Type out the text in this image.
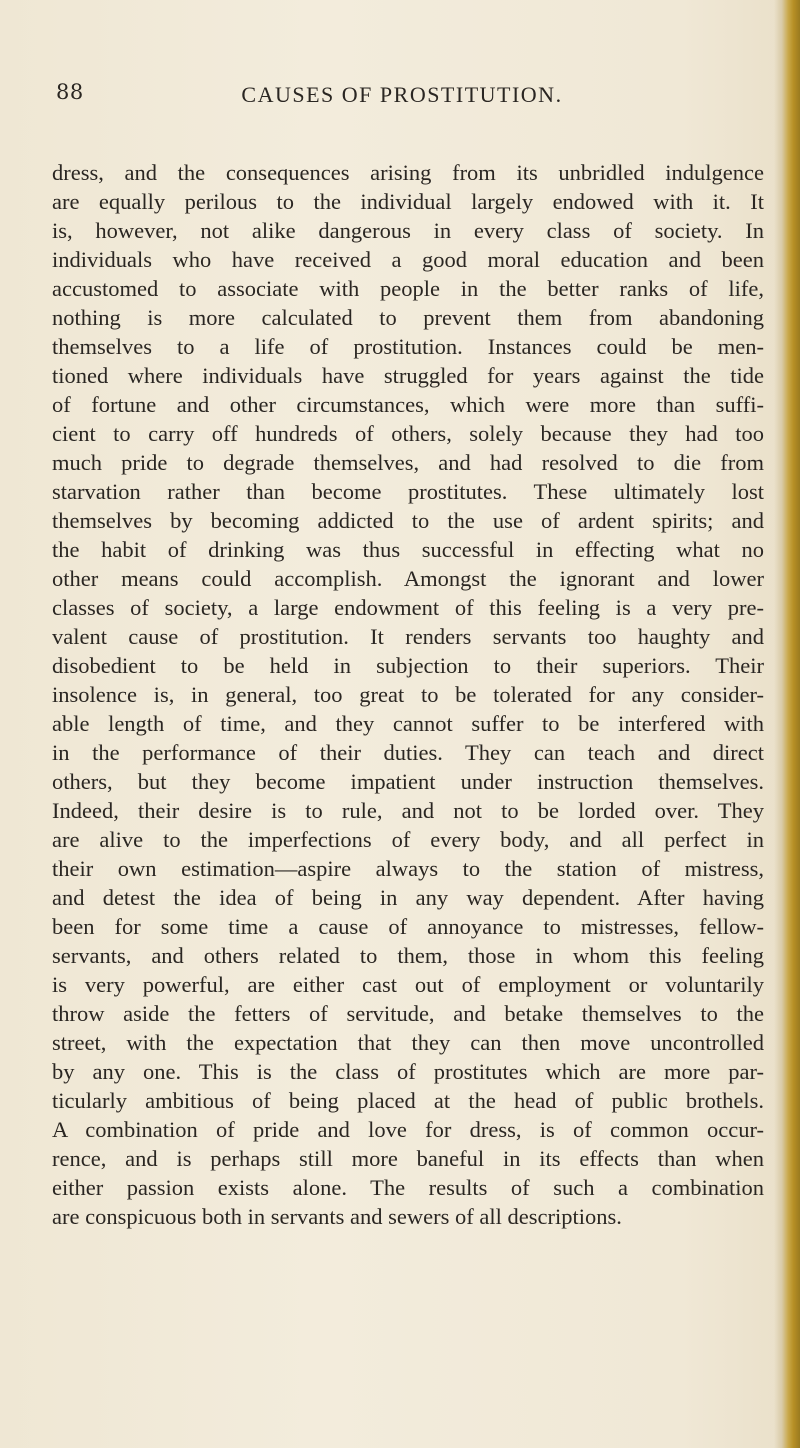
88	CAUSES OF PROSTITUTION.
dress, and the consequences arising from its unbridled indulgence
are equally perilous to the individual largely endowed with it. It
is, however, not alike dangerous in every class of society. In
individuals who have received a good moral education and been
accustomed to associate with people in the better ranks of life,
nothing is more calculated to prevent them from abandoning
themselves to a life of prostitution. Instances could be men-
tioned where individuals have struggled for years against the tide
of fortune and other circumstances, which were more than suffi-
cient to carry off hundreds of others, solely because they had too
much pride to degrade themselves, and had resolved to die from
starvation rather than become prostitutes. These ultimately lost
themselves by becoming addicted to the use of ardent spirits; and
the habit of drinking was thus successful in effecting what no
other means could accomplish. Amongst the ignorant and lower
classes of society, a large endowment of this feeling is a very pre-
valent cause of prostitution. It renders servants too haughty and
disobedient to be held in subjection to their superiors. Their
insolence is, in general, too great to be tolerated for any consider-
able length of time, and they cannot suffer to be interfered with
in the performance of their duties. They can teach and direct
others, but they become impatient under instruction themselves.
Indeed, their desire is to rule, and not to be lorded over. They
are alive to the imperfections of every body, and all perfect in
their own estimation—aspire always to the station of mistress,
and detest the idea of being in any way dependent. After having
been for some time a cause of annoyance to mistresses, fellow-
servants, and others related to them, those in whom this feeling
is very powerful, are either cast out of employment or voluntarily
throw aside the fetters of servitude, and betake themselves to the
street, with the expectation that they can then move uncontrolled
by any one. This is the class of prostitutes which are more par-
ticularly ambitious of being placed at the head of public brothels.
A combination of pride and love for dress, is of common occur-
rence, and is perhaps still more baneful in its effects than when
either passion exists alone. The results of such a combination
are conspicuous both in servants and sewers of all descriptions.
